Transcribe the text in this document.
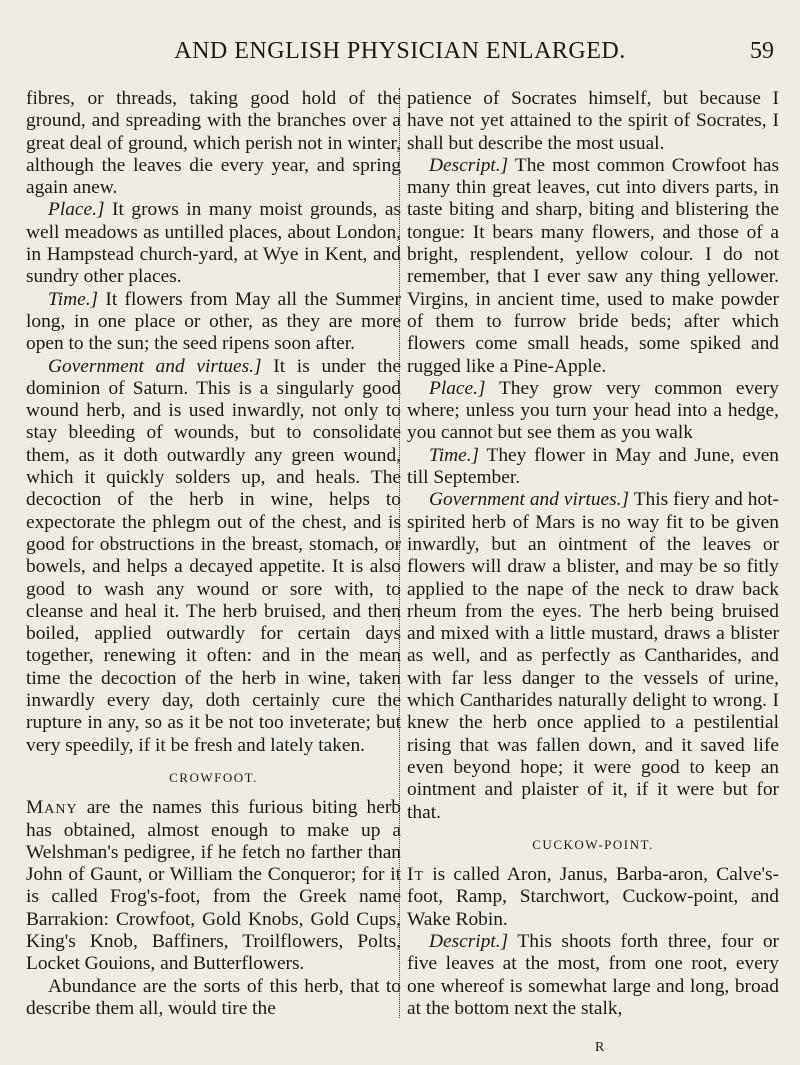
AND ENGLISH PHYSICIAN ENLARGED.	59

fibres, or threads, taking good hold of the ground, and spreading with the branches over a great deal of ground, which perish not in winter, although the leaves die every year, and spring again anew.

Place.] It grows in many moist grounds, as well meadows as untilled places, about London, in Hampstead church-yard, at Wye in Kent, and sundry other places.

Time.] It flowers from May all the Summer long, in one place or other, as they are more open to the sun; the seed ripens soon after.

Government and virtues.] It is under the dominion of Saturn. This is a singularly good wound herb, and is used inwardly, not only to stay bleeding of wounds, but to consolidate them, as it doth outwardly any green wound, which it quickly solders up, and heals. The decoction of the herb in wine, helps to expectorate the phlegm out of the chest, and is good for obstructions in the breast, stomach, or bowels, and helps a decayed appetite. It is also good to wash any wound or sore with, to cleanse and heal it. The herb bruised, and then boiled, applied outwardly for certain days together, renewing it often: and in the mean time the decoction of the herb in wine, taken inwardly every day, doth certainly cure the rupture in any, so as it be not too inveterate; but very speedily, if it be fresh and lately taken.

CROWFOOT.

Many are the names this furious biting herb has obtained, almost enough to make up a Welshman's pedigree, if he fetch no farther than John of Gaunt, or William the Conqueror; for it is called Frog's-foot, from the Greek name Barrakion: Crowfoot, Gold Knobs, Gold Cups, King's Knob, Baffiners, Troilflowers, Polts, Locket Gouions, and Butterflowers.

Abundance are the sorts of this herb, that to describe them all, would tire the

patience of Socrates himself, but because I have not yet attained to the spirit of Socrates, I shall but describe the most usual.

Descript.] The most common Crowfoot has many thin great leaves, cut into divers parts, in taste biting and sharp, biting and blistering the tongue: It bears many flowers, and those of a bright, resplendent, yellow colour. I do not remember, that I ever saw any thing yellower. Virgins, in ancient time, used to make powder of them to furrow bride beds; after which flowers come small heads, some spiked and rugged like a Pine-Apple.

Place.] They grow very common every where; unless you turn your head into a hedge, you cannot but see them as you walk

Time.] They flower in May and June, even till September.

Government and virtues.] This fiery and hot-spirited herb of Mars is no way fit to be given inwardly, but an ointment of the leaves or flowers will draw a blister, and may be so fitly applied to the nape of the neck to draw back rheum from the eyes. The herb being bruised and mixed with a little mustard, draws a blister as well, and as perfectly as Cantharides, and with far less danger to the vessels of urine, which Cantharides naturally delight to wrong. I knew the herb once applied to a pestilential rising that was fallen down, and it saved life even beyond hope; it were good to keep an ointment and plaister of it, if it were but for that.

CUCKOW-POINT.

It is called Aron, Janus, Barba-aron, Calve's-foot, Ramp, Starchwort, Cuckow-point, and Wake Robin.

Descript.] This shoots forth three, four or five leaves at the most, from one root, every one whereof is somewhat large and long, broad at the bottom next the stalk,

R
